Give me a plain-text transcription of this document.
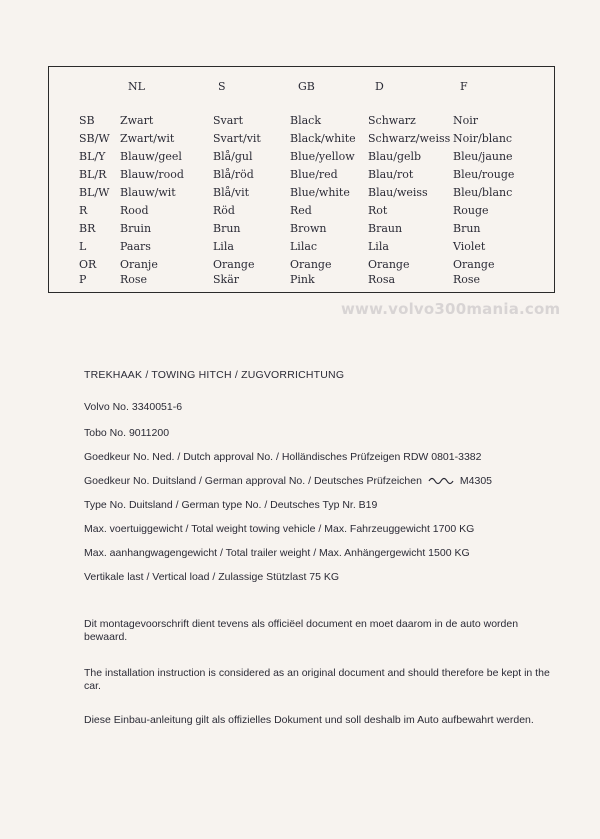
NL	S	GB	D	F
SB Zwart	Svart	Black	Schwarz	Noir
SB/W Zwart/wit	Svart/vit	Black/white Schwarz/weiss Noir/blanc
BL/Y Blauw/geel	Blå/gul	Blue/yellow Blau/gelb	Bleu/jaune
BL/R Blauw/rood	Blå/röd	Blue/red	Blau/rot	Bleu/rouge
BL/W Blauw/wit	Blå/vit	Blue/white Blau/weiss Bleu/blanc
R	Rood	Röd	Red	Rot	Rouge
BR Bruin	Brun	Brown	Braun	Brun
L	Paars	Lila	Lilac	Lila	Violet
OR Oranje	Orange	Orange	Orange	Orange
P	Rose	Skär	Pink	Rosa	Rose
www.volvo300mania.com
TREKHAAK / TOWING HITCH / ZUGVORRICHTUNG
Volvo No. 3340051-6
Tobo No. 9011200
Goedkeur No. Ned. / Dutch approval No. / Holländisches Prüfzeigen RDW 0801-3382
Goedkeur No. Duitsland / German approval No. / Deutsches Prüfzeichen	M4305
Type No. Duitsland / German type No. / Deutsches Typ Nr. B19
Max. voertuiggewicht / Total weight towing vehicle / Max. Fahrzeuggewicht 1700 KG
Max. aanhangwagengewicht / Total trailer weight / Max. Anhängergewicht 1500 KG
Vertikale last / Vertical load / Zulassige Stützlast 75 KG
Dit montagevoorschrift dient tevens als officiëel document en moet daarom in de auto worden bewaard.
The installation instruction is considered as an original document and should therefore be kept in the car.
Diese Einbau-anleitung gilt als offizielles Dokument und soll deshalb im Auto aufbewahrt werden.
